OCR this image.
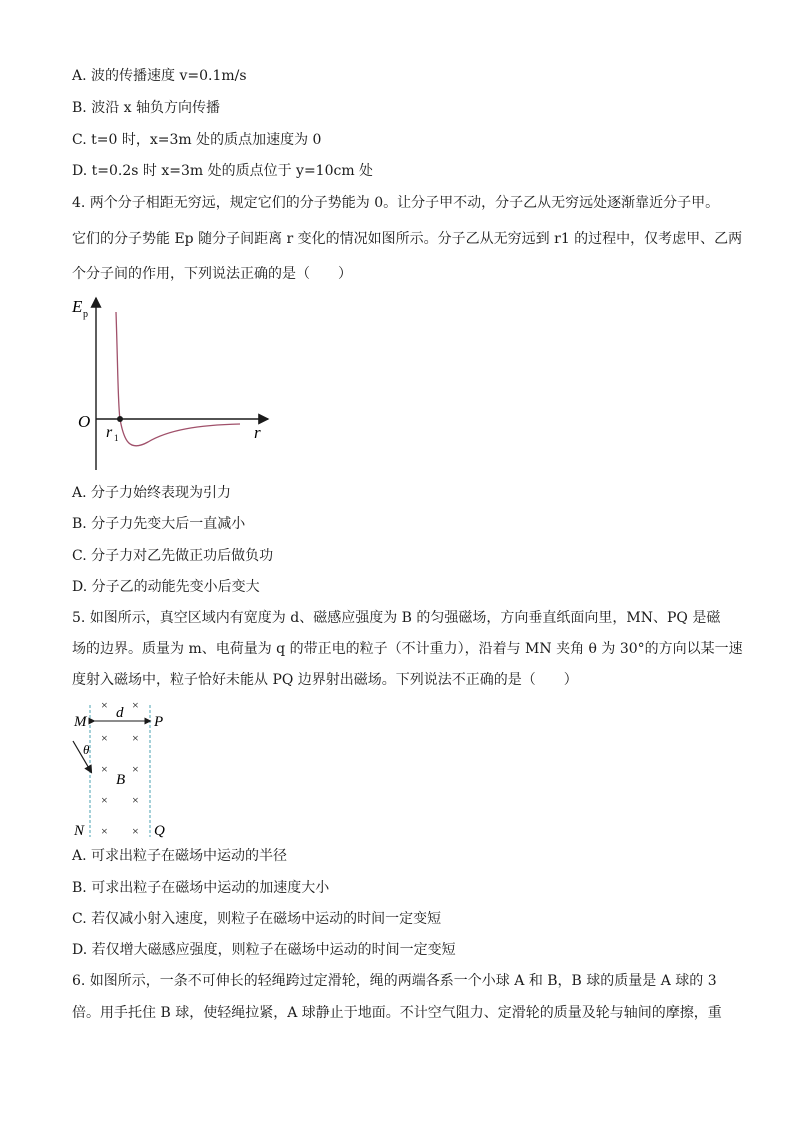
A. 波的传播速度 v=0.1m/s
B. 波沿 x 轴负方向传播
C. t=0 时，x=3m 处的质点加速度为 0
D. t=0.2s 时 x=3m 处的质点位于 y=10cm 处
4. 两个分子相距无穷远，规定它们的分子势能为 0。让分子甲不动，分子乙从无穷远处逐渐靠近分子甲。
它们的分子势能 Ep 随分子间距离 r 变化的情况如图所示。分子乙从无穷远到 r1 的过程中，仅考虑甲、乙两
个分子间的作用，下列说法正确的是（　　）
E p
O
r
r 1
A. 分子力始终表现为引力
B. 分子力先变大后一直减小
C. 分子力对乙先做正功后做负功
D. 分子乙的动能先变小后变大
5. 如图所示，真空区域内有宽度为 d、磁感应强度为 B 的匀强磁场，方向垂直纸面向里，MN、PQ 是磁
场的边界。质量为 m、电荷量为 q 的带正电的粒子（不计重力），沿着与 MN 夹角 θ 为 30°的方向以某一速
度射入磁场中，粒子恰好未能从 PQ 边界射出磁场。下列说法不正确的是（　　）
d
M	P
N	Q
B
θ
× ×
× ×
× ×
× ×
× ×
A. 可求出粒子在磁场中运动的半径
B. 可求出粒子在磁场中运动的加速度大小
C. 若仅减小射入速度，则粒子在磁场中运动的时间一定变短
D. 若仅增大磁感应强度，则粒子在磁场中运动的时间一定变短
6. 如图所示，一条不可伸长的轻绳跨过定滑轮，绳的两端各系一个小球 A 和 B，B 球的质量是 A 球的 3
倍。用手托住 B 球，使轻绳拉紧，A 球静止于地面。不计空气阻力、定滑轮的质量及轮与轴间的摩擦，重
